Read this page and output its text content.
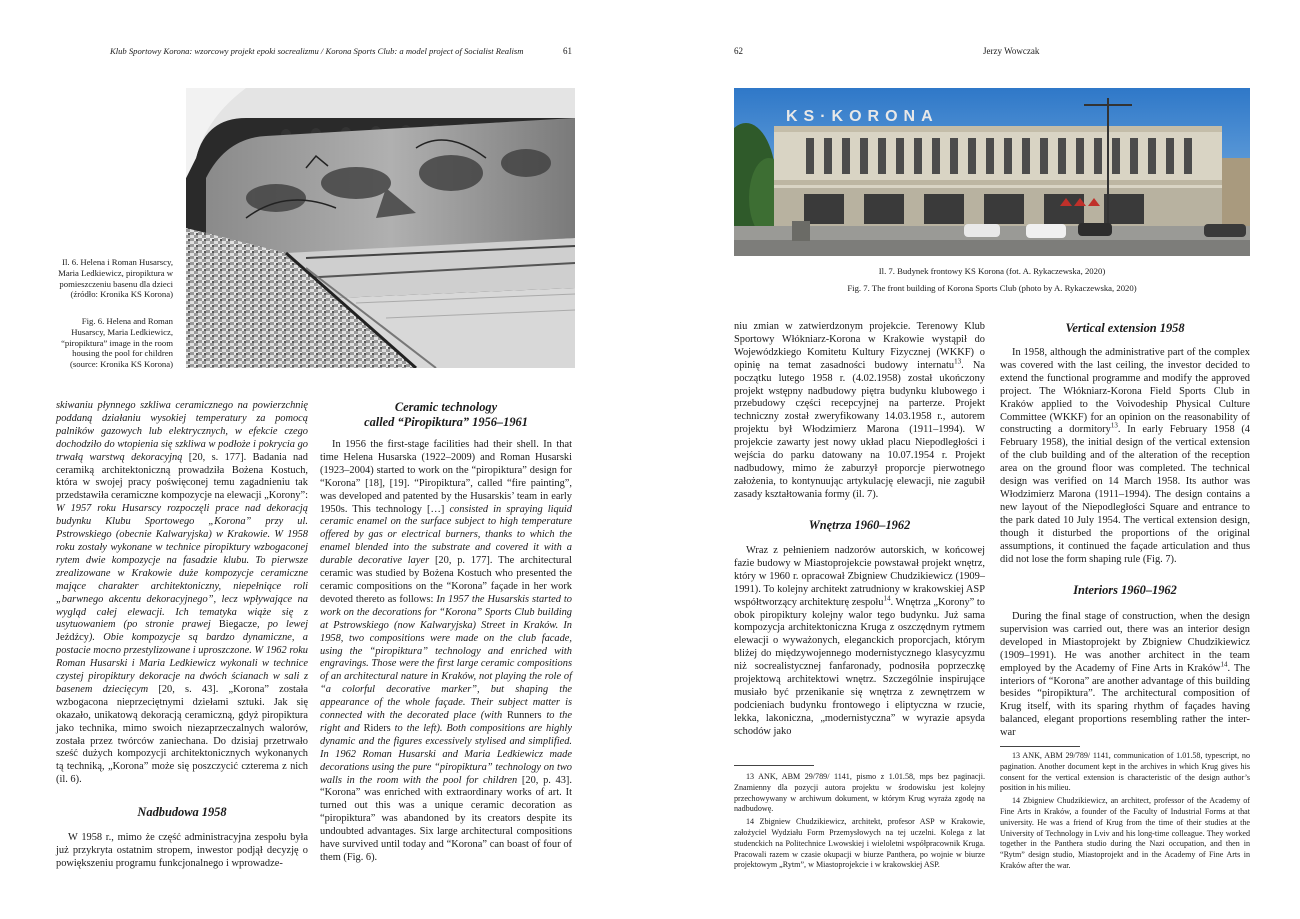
Klub Sportowy Korona: wzorcowy projekt epoki socrealizmu / Korona Sports Club: a model project of Socialist Realism	61
Il. 6. Helena i Roman Husarscy, Maria Ledkiewicz, piropiktura w pomieszczeniu basenu dla dzieci (źródło: Kronika KS Korona)
Fig. 6. Helena and Roman Husarscy, Maria Ledkiewicz, “piropiktura” image in the room housing the pool for children (source: Kronika KS Korona)

skiwaniu płynnego szkliwa ceramicznego na powierzchnię poddaną działaniu wysokiej temperatury za pomocą palników gazowych lub elektrycznych, w efekcie czego dochodziło do wtopienia się szkliwa w podłoże i pokrycia go trwałą warstwą dekoracyjną [20, s. 177]. Badania nad ceramiką architektoniczną prowadziła Bożena Kostuch, która w swojej pracy poświęconej temu zagadnieniu tak przedstawiła ceramiczne kompozycje na elewacji „Korony”: W 1957 roku Husarscy rozpoczęli prace nad dekoracją budynku Klubu Sportowego „Korona” przy ul. Pstrowskiego (obecnie Kalwaryjska) w Krakowie. W 1958 roku zostały wykonane w technice piropiktury wzbogaconej rytem dwie kompozycje na fasadzie klubu. To pierwsze zrealizowane w Krakowie duże kompozycje ceramiczne mające charakter architektoniczny, niepełniące roli „barwnego akcentu dekoracyjnego”, lecz wpływające na wygląd całej elewacji. Ich tematyka wiąże się z usytuowaniem (po stronie prawej Biegacze, po lewej Jeźdźcy). Obie kompozycje są bardzo dynamiczne, a postacie mocno przestylizowane i uproszczone. W 1962 roku Roman Husarski i Maria Ledkiewicz wykonali w technice czystej piropiktury dekoracje na dwóch ścianach w sali z basenem dziecięcym [20, s. 43]. „Korona” została wzbogacona nieprzeciętnymi dziełami sztuki. Jak się okazało, unikatową dekoracją ceramiczną, gdyż piropiktura jako technika, mimo swoich niezaprzeczalnych walorów, została przez twórców zaniechana. Do dzisiaj przetrwało sześć dużych kompozycji architektonicznych wykonanych tą techniką, „Korona” może się poszczycić czterema z nich (il. 6).

Nadbudowa 1958
W 1958 r., mimo że część administracyjna zespołu była już przykryta ostatnim stropem, inwestor podjął decyzję o powiększeniu programu funkcjonalnego i wprowadze-
Ceramic technology
called “Piropiktura” 1956–1961
In 1956 the first-stage facilities had their shell. In that time Helena Husarska (1922–2009) and Roman Husarski (1923–2004) started to work on the “piropiktura” design for “Korona” [18], [19]. “Piropiktura”, called “fire painting”, was developed and patented by the Husarskis’ team in early 1950s. This technology […] consisted in spraying liquid ceramic enamel on the surface subject to high temperature offered by gas or electrical burners, thanks to which the enamel blended into the substrate and covered it with a durable decorative layer [20, p. 177]. The architectural ceramic was studied by Bożena Kostuch who presented the ceramic compositions on the “Korona” façade in her work devoted thereto as follows: In 1957 the Husarskis started to work on the decorations for “Korona” Sports Club building at Pstrowskiego (now Kalwaryjska) Street in Kraków. In 1958, two compositions were made on the club facade, using the “piropiktura” technology and enriched with engravings. Those were the first large ceramic compositions of an architectural nature in Kraków, not playing the role of “a colorful decorative marker”, but shaping the appearance of the whole façade. Their subject matter is connected with the decorated place (with Runners to the right and Riders to the left). Both compositions are highly dynamic and the figures excessively stylised and simplified. In 1962 Roman Husarski and Maria Ledkiewicz made decorations using the pure “piropiktura” technology on two walls in the room with the pool for children [20, p. 43]. “Korona” was enriched with extraordinary works of art. It turned out this was a unique ceramic decoration as “piropiktura” was abandoned by its creators despite its undoubted advantages. Six large architectural compositions have survived until today and “Korona” can boast of four of them (Fig. 6).
62	Jerzy Wowczak
KS·KORONA
Il. 7. Budynek frontowy KS Korona (fot. A. Rykaczewska, 2020)
Fig. 7. The front building of Korona Sports Club (photo by A. Rykaczewska, 2020)

niu zmian w zatwierdzonym projekcie. Terenowy Klub Sportowy Włókniarz-Korona w Krakowie wystąpił do Wojewódzkiego Komitetu Kultury Fizycznej (WKKF) o opinię na temat zasadności budowy internatu$^{13}$. Na początku lutego 1958 r. (4.02.1958) został ukończony projekt wstępny nadbudowy piętra budynku klubowego i przebudowy części recepcyjnej na parterze. Projekt techniczny został zweryfikowany 14.03.1958 r., autorem projektu był Włodzimierz Marona (1911–1994). W projekcie zawarty jest nowy układ placu Niepodległości i wejścia do parku datowany na 10.07.1954 r. Projekt nadbudowy, mimo że zaburzył proporcje pierwotnego założenia, to kontynuując artykulację elewacji, nie zagubił zasady kształtowania formy (il. 7).

Wnętrza 1960–1962
Wraz z pełnieniem nadzorów autorskich, w końcowej fazie budowy w Miastoprojekcie powstawał projekt wnętrz, który w 1960 r. opracował Zbigniew Chudzikiewicz (1909–1991). To kolejny architekt zatrudniony w krakowskiej ASP współtworzący architekturę zespołu$^{14}$. Wnętrza „Korony” to obok piropiktury kolejny walor tego budynku. Już sama kompozycja architektoniczna Kruga z oszczędnym rytmem elewacji o wyważonych, eleganckich proporcjach, którym bliżej do międzywojennego modernistycznego klasycyzmu niż socrealistycznej fanfaronady, podnosiła poprzeczkę projektową architektowi wnętrz. Szczególnie inspirujące musiało być przenikanie się wnętrza z zewnętrzem w podcieniach budynku frontowego i eliptyczna w rzucie, lekka, lakoniczna, „modernistyczna” w wyrazie apsyda schodów jako

13 ANK, ABM 29/789/ 1141, pismo z 1.01.58, mps bez paginacji. Znamienny dla pozycji autora projektu w środowisku jest kolejny przechowywany w archiwum dokument, w którym Krug wyraża zgodę na nadbudowę.

14 Zbigniew Chudzikiewicz, architekt, profesor ASP w Krakowie, założyciel Wydziału Form Przemysłowych na tej uczelni. Kolega z lat studenckich na Politechnice Lwowskiej i wieloletni współpracownik Kruga. Pracowali razem w czasie okupacji w biurze Panthera, po wojnie w biurze projektowym „Rytm”, w Miastoprojekcie i w krakowskiej ASP.

Vertical extension 1958
In 1958, although the administrative part of the complex was covered with the last ceiling, the investor decided to extend the functional programme and modify the approved project. The Włókniarz-Korona Field Sports Club in Kraków applied to the Voivodeship Physical Culture Committee (WKKF) for an opinion on the reasonability of constructing a dormitory$^{13}$. In early February 1958 (4 February 1958), the initial design of the vertical extension of the club building and of the alteration of the reception area on the ground floor was completed. The technical design was verified on 14 March 1958. Its author was Włodzimierz Marona (1911–1994). The design contains a new layout of the Niepodległości Square and entrance to the park dated 10 July 1954. The vertical extension design, though it disturbed the proportions of the original assumptions, it continued the façade articulation and thus did not lose the form shaping rule (Fig. 7).
Interiors 1960–1962
During the final stage of construction, when the design supervision was carried out, there was an interior design developed in Miastoprojekt by Zbigniew Chudzikiewicz (1909–1991). He was another architect in the team employed by the Academy of Fine Arts in Kraków$^{14}$. The interiors of “Korona” are another advantage of this building besides “piropiktura”. The architectural composition of Krug itself, with its sparing rhythm of façades having balanced, elegant proportions resembling rather the inter-war

13 ANK, ABM 29/789/ 1141, communication of 1.01.58, typescript, no pagination. Another document kept in the archives in which Krug gives his consent for the vertical extension is characteristic of the design author’s position in his milieu.

14 Zbigniew Chudzikiewicz, an architect, professor of the Academy of Fine Arts in Kraków, a founder of the Faculty of Industrial Forms at that university. He was a friend of Krug from the time of their studies at the University of Technology in Lviv and his long-time colleague. They worked together in the Panthera studio during the Nazi occupation, and then in “Rytm” design studio, Miastoprojekt and in the Academy of Fine Arts in Kraków after the war.
